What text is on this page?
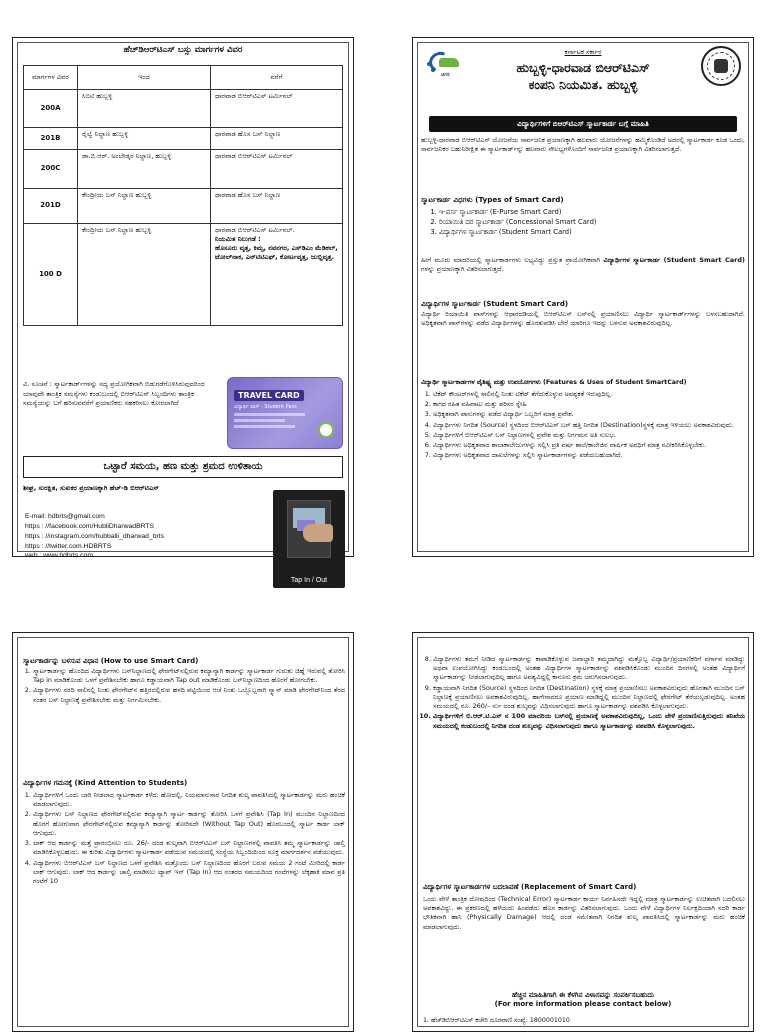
ಹೆಚ್‌ಡಿಆರ್‌ಟಿಎಸ್ ಬಸ್ಸು ಮಾರ್ಗಗಳ ವಿವರ
ಮಾರ್ಗಗಳ ವಿವರ	ಇಂದ	ವರೆಗೆ
200A	ಸಿಬಿಟಿ ಹುಬ್ಬಳ್ಳಿ	ಧಾರವಾಡ ಬಿಆರ್‌ಟಿಎಸ್ ಟರ್ಮಿನಲ್
201B	ರೈಲ್ವೆ ನಿಲ್ದಾಣ ಹುಬ್ಬಳ್ಳಿ	ಧಾರವಾಡ ಹೊಸ ಬಸ್ ನಿಲ್ದಾಣ
200C	ಡಾ.ಬಿ.ಆರ್. ಅಂಬೇಡ್ಕರ ನಿಲ್ದಾಣ, ಹುಬ್ಬಳ್ಳಿ	ಧಾರವಾಡ ಬಿಆರ್‌ಟಿಎಸ್ ಟರ್ಮಿನಲ್
201D	ಕೇಂದ್ರೀಯ ಬಸ್ ನಿಲ್ದಾಣ ಹುಬ್ಬಳ್ಳಿ	ಧಾರವಾಡ ಹೊಸ ಬಸ್ ನಿಲ್ದಾಣ
100 D	ಕೇಂದ್ರೀಯ ಬಸ್ ನಿಲ್ದಾಣ ಹುಬ್ಬಳ್ಳಿ	ಧಾರವಾಡ ಬಿಆರ್‌ಟಿಎಸ್ ಟರ್ಮಿನಲ್.
ನಿಯಮಿತ ನಿಲುಗಡೆ :
ಹೊಸೂರು ವೃತ್ತ, ಕಿಮ್ಸ, ನವನಗರ, ಎಸ್‌ಡಿಎಂ ಮೆಡಿಕಲ್, ಟೋಲ್‌ನಾಕ, ಎನ್‌ಟಿಟಿಎಫ್, ಕೋರ್ಟವೃತ್ತ, ಜುಬ್ಲಿವೃತ್ತ.
ವಿ. ಸೂಚನೆ : ಸ್ಮಾರ್ಟಕಾರ್ಡ್‌ಗಳನ್ನು ಸದ್ಯ ಪ್ರಯೋಗಿಕವಾಗಿ ಬಿಡುಗಡೆಗೊಳಿಸಿರುವುದರಿಂದ ಯಾವುದೇ ತಾಂತ್ರಿಕ ಸಮಸ್ಯೆಗಳು ಕಂಡುಬಂದಲ್ಲಿ ಬಿಆರ್‌ಟಿಎಸ್ ಸಿಬ್ಬಂದಿಗಳು ತಾಂತ್ರಿಕ ಸಮಸ್ಯೆಯನ್ನು ಬಗೆ ಹರಿಸುವವರೆಗೆ ಪ್ರಯಾಣಿಕರು ಸಹಕರಿಸಲು ಕೋರಲಾಗಿದೆ
TRAVEL CARD
ವಿದ್ಯಾರ್ಥಿ ಪಾಸ್ · Student Pass
ಒಟ್ಟಾರೆ ಸಮಯ, ಹಣ ಮತ್ತು ಶ್ರಮದ ಉಳಿತಾಯ
ಶೀಘ್ರ, ಸುರಕ್ಷಿತ, ಸುಖಕರ ಪ್ರಯಾಣಕ್ಕಾಗಿ ಹೆಚ್-ಡಿ ಬಿಆರ್‌ಟಿಎಸ್
E-mail: hdbrts@gmail.com
https : //facebook.com/HubliDharwadBRTS
https : //instagram.com/hubballi_dharwad_brts
https : //twitter.com.HDBRTS
web : www.hdbrts.com
Tap In / Out
ಚಿಗರಿ
ಕರ್ನಾಟಕ ಸರ್ಕಾರ
ಹುಬ್ಬಳ್ಳಿ-ಧಾರವಾಡ ಬಿಆರ್‌ಟಿಎಸ್
ಕಂಪನಿ ನಿಯಮಿತ. ಹುಬ್ಬಳ್ಳಿ
ವಿದ್ಯಾರ್ಥಿಗಳಿಗೆ ಬಿಆರ್‌ಟಿಎಸ್ ಸ್ಮಾರ್ಟಕಾರ್ಡ ಬಗ್ಗೆ ಮಾಹಿತಿ

ಹುಬ್ಬಳ್ಳಿ-ಧಾರವಾಡ ಬಿಆರ್‌ಟಿಎಸ್ ಯೋಜನೆಯ ಸಾರ್ವಜನಿಕ ಪ್ರಯಾಣಕ್ಕಾಗಿ ಹಲವಾರು ಯೋಜನೆಗಳನ್ನು ಹಮ್ಮಿಕೊಂಡಿದೆ ಅದರಲ್ಲಿ ಸ್ಮಾರ್ಟಕಾರ್ಡ ಕೂಡ ಒಂದು, ಸಾರ್ವಜನಿಕರ ಬಹುನಿರೀಕ್ಷಿತ ಈ ಸ್ಮಾರ್ಟಕಾರ್ಡ್‌ನ್ನು ಹಲವಾರು ಸೌಲಭ್ಯಗಳೊಂದಿಗೆ ಸಾರ್ವಜನಿಕ ಪ್ರಯಾಣಕ್ಕಾಗಿ ವಿತರಿಸಲಾಗುತ್ತದೆ.

ಸ್ಮಾರ್ಟಕಾರ್ಡ ವಿಧಗಳು (Types of Smart Card)
1. ಇ-ಪರ್ಸ ಸ್ಮಾರ್ಟಕಾರ್ಡ (E-Purse Smart Card)
2. ರಿಯಾಯಿತಿ ದರ ಸ್ಮಾರ್ಟಕಾರ್ಡ (Concessional Smart Card)
3. ವಿದ್ಯಾರ್ಥಿಗಳ ಸ್ಮಾರ್ಟಕಾರ್ಡ (Student Smart Card)

ಹೀಗೆ ಮೂರು ಮಾದರಿಯಲ್ಲಿ ಸ್ಮಾರ್ಟಕಾರ್ಡಗಳು ಲಭ್ಯವಿದ್ದು ಪ್ರಸ್ತುತ ಪ್ರಾಯೋಗಿಕವಾಗಿ ವಿದ್ಯಾರ್ಥಿಗಳ ಸ್ಮಾರ್ಟಕಾರ್ಡ (Student Smart Card) ಗಳನ್ನು ಪ್ರಯಾಣಕ್ಕಾಗಿ ವಿತರಿಸಲಾಗುತ್ತದೆ.

ವಿದ್ಯಾರ್ಥಿಗಳ ಸ್ಮಾರ್ಟಕಾರ್ಡ (Student Smart Card)

ವಿದ್ಯಾರ್ಥಿ ರಿಯಾಯಿತಿ ಪಾಸ್‌ಗಳನ್ನು ಆಧಾರದಡಿಯಲ್ಲಿ ಬಿಆರ್‌ಟಿಎಸ್ ಬಸ್‌ನಲ್ಲಿ ಪ್ರಯಾಣಿಸಲು ವಿದ್ಯಾರ್ಥಿ ಸ್ಮಾರ್ಟಕಾರ್ಡ್‌ಗಳನ್ನು ಬಳಸಬಹುದಾಗಿದೆ. ಅಧಿಕೃತವಾಗಿ ಪಾಸ್‌ಗಳನ್ನು ಪಡೆದ ವಿದ್ಯಾರ್ಥಿಗಳನ್ನು ಹೊರತುಪಡಿಸಿ ಬೇರೆ ಯಾರಿಗೂ ಇದನ್ನು ಬಳಸುವ ಅವಕಾಶವಿರುವುದಿಲ್ಲ.

ವಿದ್ಯಾರ್ಥಿ ಸ್ಮಾರ್ಟಕಾರ್ಡಗಳ ವೈಶಿಷ್ಟ್ಯ ಮತ್ತು ಉಪಯೋಗಗಳು (Features & Uses of Student SmartCard)
1. ಟಿಕೆಟ್ ಕೌಂಟರ್‌ಗಳಲ್ಲಿ ಸಾಲಿನಲ್ಲಿ ನಿಂತು ಟಿಕೆಟ್ ತೆಗೆದುಕೊಳ್ಳುವ ಅವಶ್ಯಕತೆ ಇರುವುದಿಲ್ಲ.
2. ಕಾಗದ ರಹಿತ ವಹಿವಾಟು ಮತ್ತು ಪರಿಸರ ಸ್ನೇಹಿ
3. ಅಧಿಕೃತವಾಗಿ ಪಾಸುಗಳನ್ನು ಪಡೆದ ವಿದ್ಯಾರ್ಥಿ ಒಬ್ಬರಿಗೆ ಮಾತ್ರ ಪ್ರವೇಶ.
4. ವಿದ್ಯಾರ್ಥಿಗಳು ನಿಗದಿತ (Source) ಸ್ಥಳದಿಂದ ಬಿಆರ್‌ಟಿಎಸ್ ಬಸ್ ಹತ್ತಿ ನಿಗದಿತ (Destination)ಸ್ಥಳಕ್ಕೆ ಮಾತ್ರ ಇಳಿಯಲು ಅವಕಾಶವಿರುವುದು.
5. ವಿದ್ಯಾರ್ಥಿಗಳಿಗೆ ಬಿಆರ್‌ಟಿಎಸ್ ಬಸ್ ನಿಲ್ದಾಣಗಳಲ್ಲಿ ಪ್ರವೇಶ ಮತ್ತು ನಿರ್ಗಮನ ಅತಿ ಸುಲಭ.
6. ವಿದ್ಯಾರ್ಥಿಗಳು ಅಧಿಕೃತವಾದ ಶಾಲಾಕಾಲೇಜುಗಳನ್ನು ಸಲ್ಲಿಸಿ ಪ್ರತಿ ವರ್ಷ ಶಾಲೆ/ಕಾಲೇಜಿನ ವಾರ್ಷಿಕ ಅವಧಿಗೆ ಮಾತ್ರ ನವೀಕರಿಸಿಕೊಳ್ಳಬೇಕು.
7. ವಿದ್ಯಾರ್ಥಿಗಳು ಅಧಿಕೃತವಾದ ದಾಖಲೆಗಳನ್ನು ಸಲ್ಲಿಸಿ ಸ್ಮಾರ್ಟಕಾರ್ಡಗಳನ್ನು ಪಡೆಯಬಹುದಾಗಿದೆ.
ಸ್ಮಾರ್ಟಕಾರ್ಡನ್ನು ಬಳಸುವ ವಿಧಾನ (How to use Smart Card)
1. ಸ್ಮಾರ್ಟಕಾರ್ಡನ್ನು ಹೊಂದಿದ ವಿದ್ಯಾರ್ಥಿಗಳು ಬಸ್‌ನಿಲ್ದಾಣದಲ್ಲಿ ಫೇರಗೇಟ್‌ನಲ್ಲಿರುವ ಕಮ್ಯಾನ್ಯಾಗಿ ಕಾರ್ಡನ್ನು ಸ್ಮಾರ್ಟಕಾರ್ಡ ಗುರುತು ಚಿಹ್ನೆ ಇರುವಲ್ಲಿ ತೋರಿಸಿ Tap in ಮಾಡಿಕೊಂಡು ಒಳಗೆ ಪ್ರವೇಶಿಸಬೇಕು ಹಾಗೂ ಕಡ್ಡಾಯವಾಗಿ Tap out ಮಾಡಿಕೊಂಡು ಬಸ್‌ನಿಲ್ದಾಣದಿಂದ ಹೊರಗೆ ಹೋಗಬೇಕು.
2. ವಿದ್ಯಾರ್ಥಿಗಳು ಸರದಿ ಸಾಲಿನಲ್ಲಿ ನಿಂತು ಫೇರಗೇಟ್‌ನ ಹತ್ತಿರದಲ್ಲಿರುವ ಹಳದಿ ಪಟ್ಟಿಯಿಂದ ಆಚೆ ನಿಂತು ಒಬ್ಬೊಬ್ಬರಾಗಿ ಸ್ಕ್ಯಾನ್ ಮಾಡಿ ಫೇರಗೇಟ್‌ನಿಂದ ತೆರದ ನಂತರ ಬಸ್ ನಿಲ್ದಾಣಕ್ಕೆ ಪ್ರವೇಶಿಸಬೇಕು ಮತ್ತು ನಿರ್ಗಮಿಸಬೇಕು.
ವಿದ್ಯಾರ್ಥಿಗಳ ಗಮನಕ್ಕೆ (Kind Attention to Students)
1. ವಿದ್ಯಾರ್ಥಿಗಳಿಗೆ ಒಂದು ಬಾರಿ ನೀಡಲಾದ ಸ್ಮಾರ್ಟಕಾರ್ಡ ಕಳೆದು ಹೋದಲ್ಲಿ, ನಿಯಮಾನುಸಾರ ನಿಗದಿತ ಶುಲ್ಕ ಪಾವತಿಸಿದಲ್ಲಿ ಸ್ಮಾರ್ಟಕಾರ್ಡನ್ನು ಮರು ಹಂಚಿಕೆ ಮಾಡಲಾಗುವುದು.
2. ವಿದ್ಯಾರ್ಥಿಗಳು ಬಸ್ ನಿಲ್ದಾಣದ ಫೇರಗೇಟ್‌ನಲ್ಲಿರುವ ಕಮ್ಯಾನ್ಯಾಗಿ ಸ್ಮಾರ್ಟ ಕಾರ್ಡನ್ನು ತೋರಿಸಿ ಒಳಗೆ ಪ್ರವೇಶಿಸಿ (Tap In) ಮುಂದಿನ ನಿಲ್ದಾಣದಿಂದ ಹೊರಗೆ ಹೋಗುವಾಗ ಫೇರಗೇಟ್‌ನಲ್ಲಿರುವ ಕಮ್ಯಾನ್ಯಾಗಿ ಕಾರ್ಡನ್ನು ತೋರಿಸದೇ (Without Tap Out) ಹೊರಬಂದಲ್ಲಿ ಸ್ಮಾರ್ಟ ಕಾರ್ಡ ಲಾಕ್ ಆಗುವುದು.
3. ಲಾಕ್ ಆದ ಕಾರ್ಡನ್ನು ಮತ್ತೆ ಪ್ರಾರಂಭಿಸಲು ರೂ. 26/- ದಂಡ ಶುಲ್ಕವಾಗಿ ಬಿಆರ್‌ಟಿಎಸ್ ಬಸ್ ನಿಲ್ದಾಣಗಳಲ್ಲಿ ಪಾವತಿಸಿ ತಮ್ಮ ಸ್ಮಾರ್ಟಕಾರ್ಡನ್ನು ಚಾಲ್ತಿ ಮಾಡಿಸಿಕೊಳ್ಳಬಹುದು. ಈ ಕುರಿತು ವಿದ್ಯಾರ್ಥಿಗಳು ಸ್ಮಾರ್ಟಕಾರ್ಡ ಪಡೆಯುವ ಸಮಯದಲ್ಲಿ ಸಂಸ್ಥೆಯ ಸಿಬ್ಬಂದಿಯಿಂದ ಸೂಕ್ತ ಮಾರ್ಗದರ್ಶನ ಪಡೆಯುವುದು.
4. ವಿದ್ಯಾರ್ಥಿಗಳು ಬಿಆರ್‌ಟಿಎಸ್ ಬಸ್ ನಿಲ್ದಾಣದ ಒಳಗೆ ಪ್ರವೇಶಿಸಿ ಮತ್ತೊಂದು ಬಸ್ ನಿಲ್ದಾಣದಿಂದ ಹೊರಗೆ ಬರುವ ಸಮಯ 2 ಗಂಟೆ ಮೀರಿದಲ್ಲಿ ಕಾರ್ಡ ಲಾಕ್ ಆಗುವುದು. ಲಾಕ್ ಆದ ಕಾರ್ಡನ್ನು ಚಾಲ್ತಿ ಮಾಡಿಸಲು ಟ್ಯಾಪ್ ಇನ್ (Tap In) ಆದ ನಂತರದ ಸಮಯದಿಂದ ಗಂಟೆಗಳನ್ನು ಲೆಕ್ಕಹಾಕಿ ಮಾವ ಪ್ರತಿ ಗಂಟೆಗೆ 10
8. ವಿದ್ಯಾರ್ಥಿಗಳು ತಮಗೆ ನೀಡಿದ ಸ್ಮಾರ್ಟಕಾರ್ಡನ್ನು ಕಾಪಾಡಿಕೊಳ್ಳುವ ಜವಾಬ್ದಾರಿ ತಮ್ಮದಾಗಿದ್ದು ಮತ್ತೊಬ್ಬ ವಿದ್ಯಾರ್ಥಿ/ಪ್ರಯಾಣಿಕರಿಗೆ ವರ್ಗಾವ ಮಾಡಿದ್ದು ಅಥವಾ ಉಪಯೋಗಿಸಿದ್ದು ಕಂಡುಬಂದಲ್ಲಿ ಅಂತಹ ವಿದ್ಯಾರ್ಥಿಗಳ ಸ್ಮಾರ್ಟಕಾರ್ಡನ್ನು ವಶಪಡಿಸಿಕೊಂಡು ಮುಂದಿನ ದಿನಗಳಲ್ಲಿ ಅಂತಹ ವಿದ್ಯಾರ್ಥಿಗೆ ಸ್ಮಾರ್ಟಕಾರ್ಡನ್ನು ನೀಡಲಾಗುವುದಿಲ್ಲ ಹಾಗೂ ಅವಶ್ಯವಿದ್ದಲ್ಲಿ ಕಾನೂನು ಕ್ರಮ ಜರುಗಿಸಲಾಗುವುದು.
9. ಕಡ್ಡಾಯವಾಗಿ ನಿಗದಿತ (Source) ಸ್ಥಳದಿಂದ ನಿಗದಿತ (Destination) ಸ್ಥಳಕ್ಕೆ ಮಾತ್ರ ಪ್ರಯಾಣಿಸಲು ಅವಕಾಶವಿರುವುದು ಹೊರತಾಗಿ ಮುಂದಿನ ಬಸ್ ನಿಲ್ದಾಣಕ್ಕೆ ಪ್ರಯಾಣಿಸಲು ಅವಕಾಶವಿರುವುದಿಲ್ಲ. ಹಾಗೇನಾದರೂ ಪ್ರಯಾಣ ಮಾಡಿದ್ದಲ್ಲಿ ಮುಂದಿನ ನಿಲ್ದಾಣದಲ್ಲಿ ಫೇರಗೇಟ್ ತೆರೆಯಲ್ಪಡುವುದಿಲ್ಲ. ಅಂತಹ ಸಮಯದಲ್ಲಿ ರೂ. 260/– ರ್ನು ದಂಡ ಶುಲ್ಕವನ್ನು ವಿಧಿಸಲಾಗುವುದು ಹಾಗೂ ಸ್ಮಾರ್ಟಕಾರ್ಡನ್ನು ವಶಪಡಿಸಿ ಕೊಳ್ಳಲಾಗುವುದು.
10. ವಿದ್ಯಾರ್ಥಿಗಳಿಗೆ ಬಿ.ಆರ್.ಟಿ.ಎಸ್ ನ 100 ಮಾದರಿಯ ಬಸ್‌ನಲ್ಲಿ ಪ್ರಯಾಣಕ್ಕೆ ಅವಕಾಶವಿರುವುದಿಲ್ಲ, ಒಂದು ವೇಳೆ ಪ್ರಯಾಣಿಸುತ್ತಿರುವುದು ತನಿಖೆಯ ಸಮಯದಲ್ಲಿ ಕಂಡುಬಂದಲ್ಲಿ ನಿಗದಿತ ದಂಡ ಶುಲ್ಕವನ್ನು ವಿಧಿಸಲಾಗುವುದು ಹಾಗೂ ಸ್ಮಾರ್ಟಕಾರ್ಡನ್ನು ವಶಪಡಿಸಿ ಕೊಳ್ಳಲಾಗುವುದು.
ವಿದ್ಯಾರ್ಥಿಗಳ ಸ್ಮಾರ್ಟಕಾರ್ಡಗಳ ಬದಲಾವಣೆ (Replacement of Smart Card)

ಒಂದು ವೇಳೆ ತಾಂತ್ರಿಕ ದೋಷದಿಂದ (Technical Error) ಸ್ಮಾರ್ಟಕಾರ್ಡ ಕಾರ್ಯ ನಿರ್ವಹಿಸದೇ ಇದ್ದಲ್ಲಿ ಮಾತ್ರ ಸ್ಮಾರ್ಟಕಾರ್ಡನ್ನು ಉಚಿತವಾಗಿ ಬದಲಿಸಲು ಅವಕಾಶವಿದ್ದು, ಈ ಪ್ರಕರಣದಲ್ಲಿ ಹಳೆಯದು ಹಿಂಪಡೆದು ಹೊಸ ಕಾರ್ಡನ್ನು ವಿತರಿಸಲಾಗುವುದು. ಒಂದು ವೇಳೆ ವಿದ್ಯಾರ್ಥಿಗಳ ನಿರ್ಲಕ್ಷದಿಂದಾಗಿ ಸದರಿ ಕಾರ್ಡ ಭೌತಿಕವಾಗಿ ಹಾನಿ (Physically Damage) ಆದಲ್ಲಿ ದಂಡ ಸಮೇತವಾಗಿ ನಿಗದಿತ ಶುಲ್ಕ ಪಾವತಿಸಿದಲ್ಲಿ ಸ್ಮಾರ್ಟಕಾರ್ಡನ್ನು ಮರು ಹಂಚಿಕೆ ಮಾಡಲಾಗುವುದು.

ಹೆಚ್ಚಿನ ಮಾಹಿತಿಗಾಗಿ ಈ ಕೆಳಗಿನ ವಿಳಾಸವನ್ನು ಸಂಪರ್ಕಿಸಬಹುದು
(For more information please contact below)
1. ಹೆಚ್‌ಡಿಬಿಆರ್‌ಟಿಎಸ್ ಕಚೇರಿ ದೂರವಾಣಿ ಸಂಖ್ಯೆ: 1800001010
